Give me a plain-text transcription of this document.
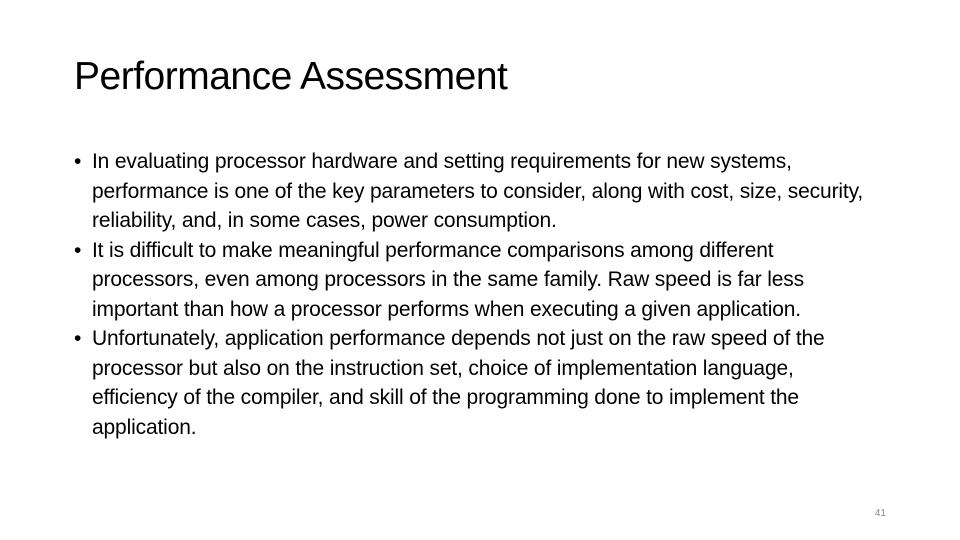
Performance Assessment
• In evaluating processor hardware and setting requirements for new systems, performance is one of the key parameters to consider, along with cost, size, security, reliability, and, in some cases, power consumption.
• It is difficult to make meaningful performance comparisons among different processors, even among processors in the same family. Raw speed is far less important than how a processor performs when executing a given application.
• Unfortunately, application performance depends not just on the raw speed of the processor but also on the instruction set, choice of implementation language, efficiency of the compiler, and skill of the programming done to implement the application.
41
